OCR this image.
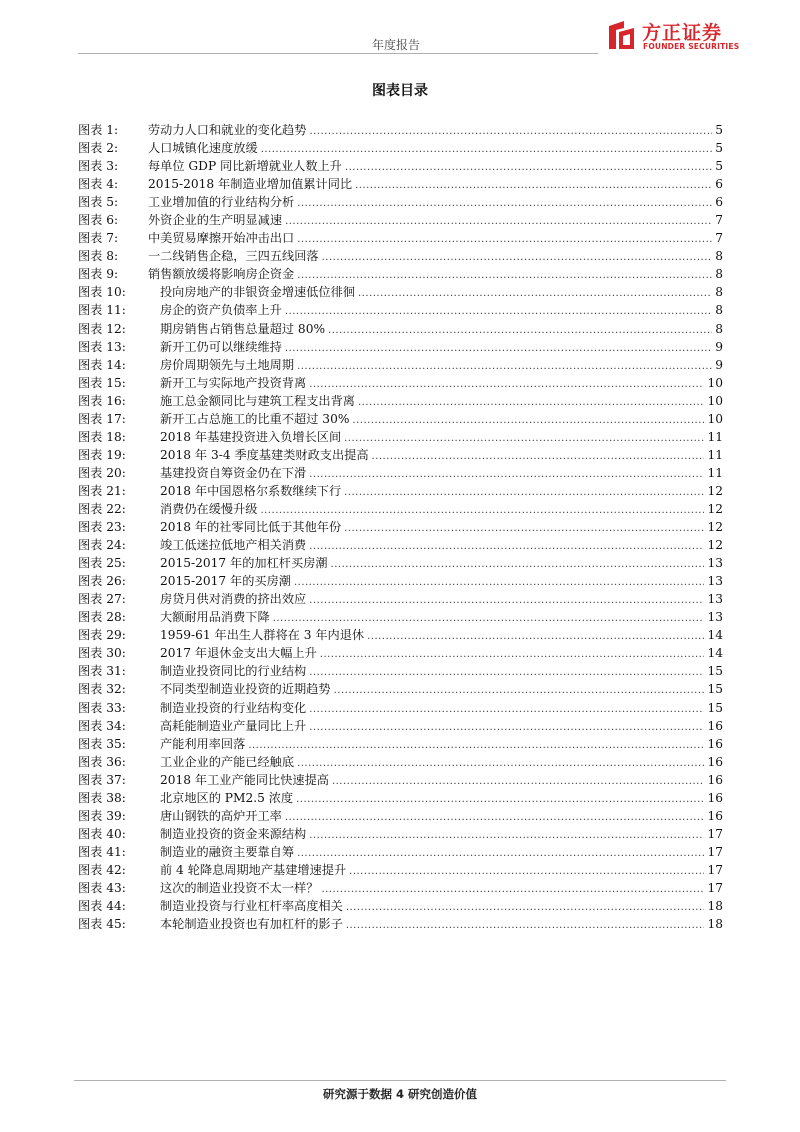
年度报告
方正证券
FOUNDER SECURITIES
图表目录
图表 1:	劳动力人口和就业的变化趋势 .....	5
图表 2:	人口城镇化速度放缓 .....	5
图表 3:	每单位 GDP 同比新增就业人数上升 .....	5
图表 4:	2015-2018 年制造业增加值累计同比 .....	6
图表 5:	工业增加值的行业结构分析 .....	6
图表 6:	外资企业的生产明显减速 .....	7
图表 7:	中美贸易摩擦开始冲击出口 .....	7
图表 8:	一二线销售企稳，三四五线回落 .....	8
图表 9:	销售额放缓将影响房企资金 .....	8
图表 10:	投向房地产的非银资金增速低位徘徊 .....	8
图表 11:	房企的资产负债率上升 .....	8
图表 12:	期房销售占销售总量超过 80% .....	8
图表 13:	新开工仍可以继续维持 .....	9
图表 14:	房价周期领先与土地周期 .....	9
图表 15:	新开工与实际地产投资背离 .....	10
图表 16:	施工总金额同比与建筑工程支出背离 .....	10
图表 17:	新开工占总施工的比重不超过 30% .....	10
图表 18:	2018 年基建投资进入负增长区间 .....	11
图表 19:	2018 年 3-4 季度基建类财政支出提高 .....	11
图表 20:	基建投资自筹资金仍在下滑 .....	11
图表 21:	2018 年中国恩格尔系数继续下行 .....	12
图表 22:	消费仍在缓慢升级 .....	12
图表 23:	2018 年的社零同比低于其他年份 .....	12
图表 24:	竣工低迷拉低地产相关消费 .....	12
图表 25:	2015-2017 年的加杠杆买房潮 .....	13
图表 26:	2015-2017 年的买房潮 .....	13
图表 27:	房贷月供对消费的挤出效应 .....	13
图表 28:	大额耐用品消费下降 .....	13
图表 29:	1959-61 年出生人群将在 3 年内退休 .....	14
图表 30:	2017 年退休金支出大幅上升 .....	14
图表 31:	制造业投资同比的行业结构 .....	15
图表 32:	不同类型制造业投资的近期趋势 .....	15
图表 33:	制造业投资的行业结构变化 .....	15
图表 34:	高耗能制造业产量同比上升 .....	16
图表 35:	产能利用率回落 .....	16
图表 36:	工业企业的产能已经触底 .....	16
图表 37:	2018 年工业产能同比快速提高 .....	16
图表 38:	北京地区的 PM2.5 浓度 .....	16
图表 39:	唐山钢铁的高炉开工率 .....	16
图表 40:	制造业投资的资金来源结构 .....	17
图表 41:	制造业的融资主要靠自筹 .....	17
图表 42:	前 4 轮降息周期地产基建增速提升 .....	17
图表 43:	这次的制造业投资不太一样？ .....	17
图表 44:	制造业投资与行业杠杆率高度相关 .....	18
图表 45:	本轮制造业投资也有加杠杆的影子 .....	18
研究源于数据 4 研究创造价值
